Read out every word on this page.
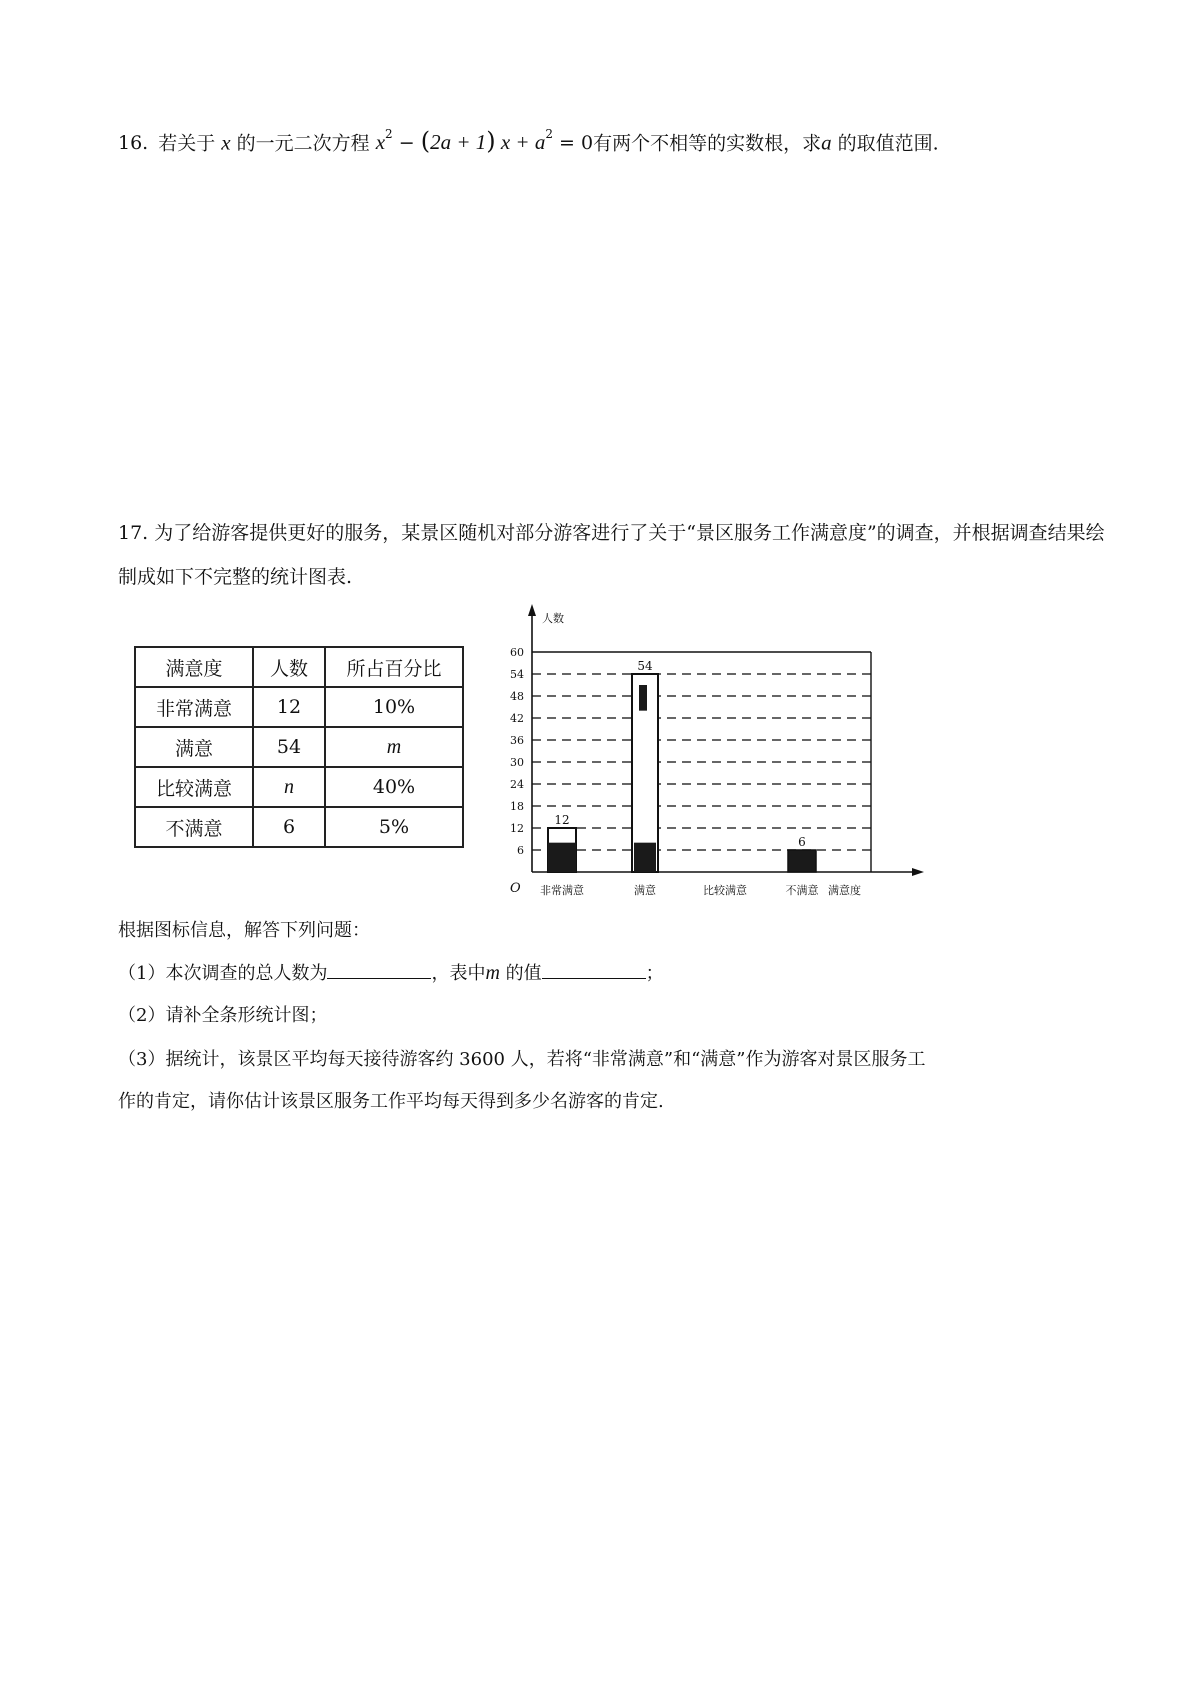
16. 若关于 x 的一元二次方程 $x^2 - (2a + 1) x + a^2 = 0$有两个不相等的实数根，求a 的取值范围.
17. 为了给游客提供更好的服务，某景区随机对部分游客进行了关于“景区服务工作满意度”的调查，并根据调查结果绘制成如下不完整的统计图表.
满意度	人数	所占百分比
非常满意	12	10%
满意	54	m
比较满意	n	40%
不满意	6	5%
6
12
18
24
30
36
42
48
54
60
人数
满意度
O
12
非常满意
54
满意	比较满意
6
不满意
根据图标信息，解答下列问题：
（1）本次调查的总人数为	，表中m 的值	；
（2）请补全条形统计图；
（3）据统计，该景区平均每天接待游客约 3600 人，若将“非常满意”和“满意”作为游客对景区服务工
作的肯定，请你估计该景区服务工作平均每天得到多少名游客的肯定.
